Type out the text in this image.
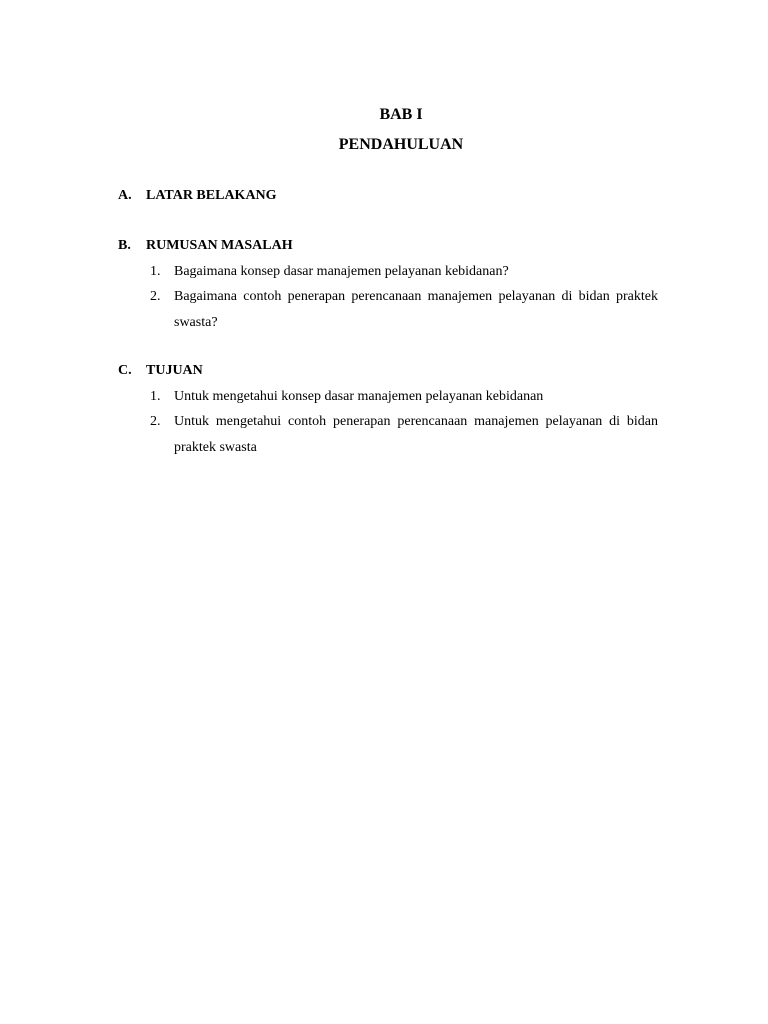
BAB I
PENDAHULUAN
A. LATAR BELAKANG
B. RUMUSAN MASALAH
1. Bagaimana konsep dasar manajemen pelayanan kebidanan?
2. Bagaimana contoh penerapan perencanaan manajemen pelayanan di bidan praktek swasta?
C. TUJUAN
1. Untuk mengetahui konsep dasar manajemen pelayanan kebidanan
2. Untuk mengetahui contoh penerapan perencanaan manajemen pelayanan di bidan praktek swasta
